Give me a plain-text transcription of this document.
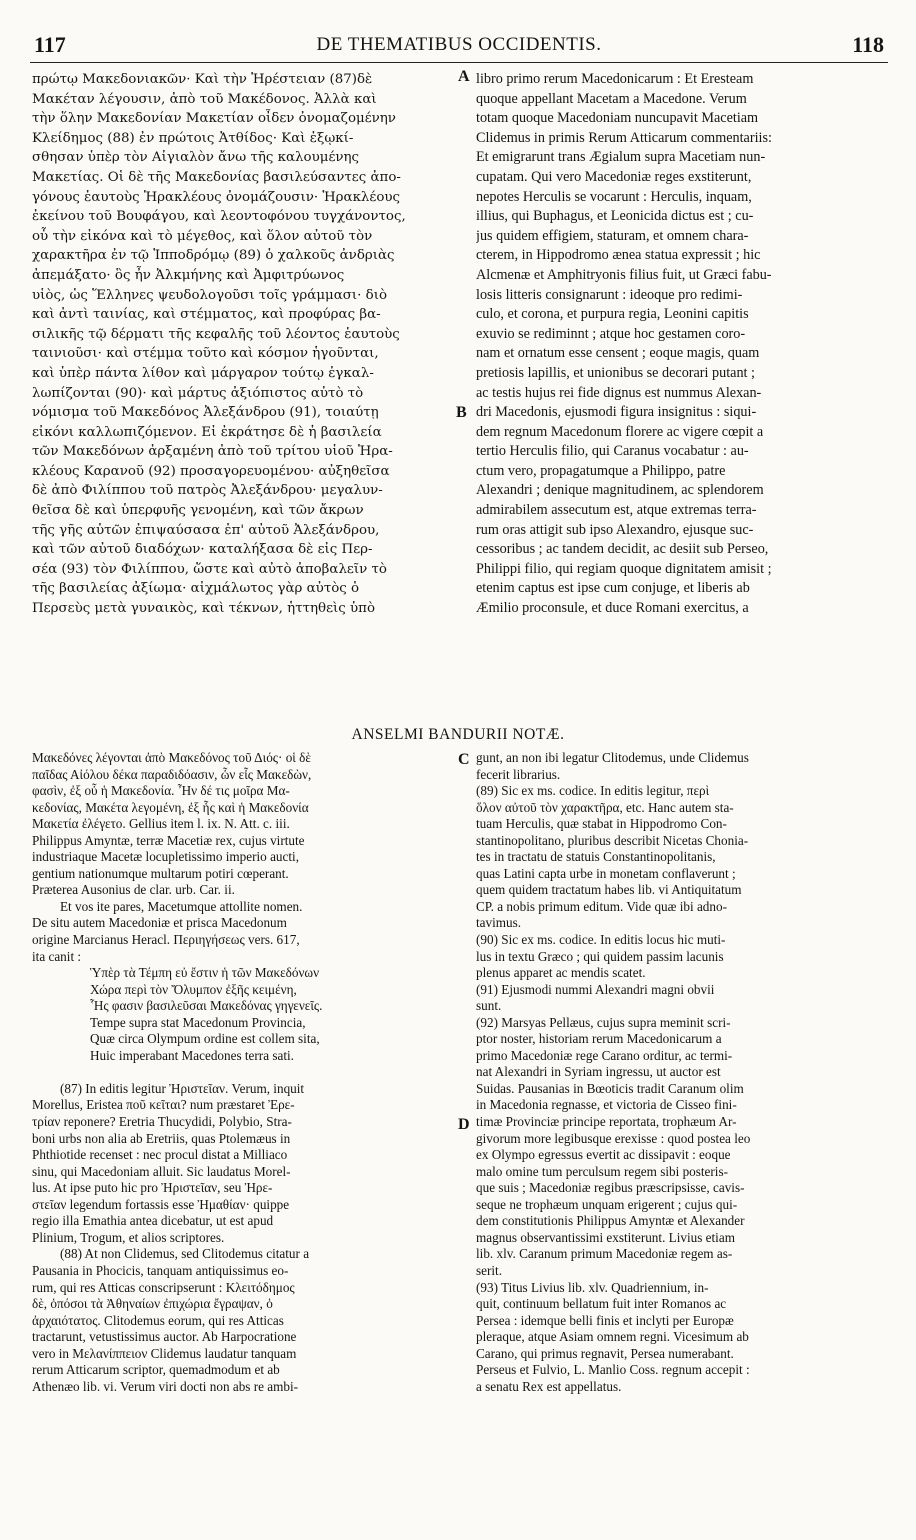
117	DE THEMATIBUS OCCIDENTIS.	118
A
B
C
D
πρώτῳ Μακεδονιακῶν· Καὶ τὴν Ἠρέστειαν (87)δὲ
Μακέταν λέγουσιν, ἀπὸ τοῦ Μακέδονος. Ἀλλὰ καὶ
τὴν ὅλην Μακεδονίαν Μακετίαν οἶδεν ὀνομαζομένην
Κλείδημος (88) ἐν πρώτοις Ἀτθίδος· Καὶ ἐξῳκί-
σθησαν ὑπὲρ τὸν Αἰγιαλὸν ἄνω τῆς καλουμένης
Μακετίας. Οἱ δὲ τῆς Μακεδονίας βασιλεύσαντες ἀπο-
γόνους ἑαυτοὺς Ἡρακλέους ὀνομάζουσιν· Ἡρακλέους
ἐκείνου τοῦ Βουφάγου, καὶ λεοντοφόνου τυγχάνοντος,
οὗ τὴν εἰκόνα καὶ τὸ μέγεθος, καὶ ὅλον αὐτοῦ τὸν
χαρακτῆρα ἐν τῷ Ἱπποδρόμῳ (89) ὁ χαλκοῦς ἀνδριὰς
ἀπεμάξατο· ὃς ἦν Ἀλκμήνης καὶ Ἀμφιτρύωνος
υἱὸς, ὡς Ἕλληνες ψευδολογοῦσι τοῖς γράμμασι· διὸ
καὶ ἀντὶ ταινίας, καὶ στέμματος, καὶ προφύρας βα-
σιλικῆς τῷ δέρματι τῆς κεφαλῆς τοῦ λέοντος ἑαυτοὺς
ταινιοῦσι· καὶ στέμμα τοῦτο καὶ κόσμον ἡγοῦνται,
καὶ ὑπὲρ πάντα λίθον καὶ μάργαρον τούτῳ ἐγκαλ-
λωπίζονται (90)· καὶ μάρτυς ἀξιόπιστος αὐτὸ τὸ
νόμισμα τοῦ Μακεδόνος Ἀλεξάνδρου (91), τοιαύτῃ
εἰκόνι καλλωπιζόμενον. Εἰ ἐκράτησε δὲ ἡ βασιλεία
τῶν Μακεδόνων ἀρξαμένη ἀπὸ τοῦ τρίτου υἱοῦ Ἡρα-
κλέους Καρανοῦ (92) προσαγορευομένου· αὐξηθεῖσα
δὲ ἀπὸ Φιλίππου τοῦ πατρὸς Ἀλεξάνδρου· μεγαλυν-
θεῖσα δὲ καὶ ὑπερφυῆς γενομένη, καὶ τῶν ἄκρων
τῆς γῆς αὐτῶν ἐπιψαύσασα ἐπ' αὐτοῦ Ἀλεξάνδρου,
καὶ τῶν αὐτοῦ διαδόχων· καταλήξασα δὲ εἰς Περ-
σέα (93) τὸν Φιλίππου, ὥστε καὶ αὐτὸ ἀποβαλεῖν τὸ
τῆς βασιλείας ἀξίωμα· αἰχμάλωτος γὰρ αὐτὸς ὁ
Περσεὺς μετὰ γυναικὸς, καὶ τέκνων, ἡττηθεὶς ὑπὸ
libro primo rerum Macedonicarum : Et Eresteam
quoque appellant Macetam a Macedone. Verum
totam quoque Macedoniam nuncupavit Macetiam
Clidemus in primis Rerum Atticarum commentariis:
Et emigrarunt trans Ægialum supra Macetiam nun-
cupatam. Qui vero Macedoniæ reges exstiterunt,
nepotes Herculis se vocarunt : Herculis, inquam,
illius, qui Buphagus, et Leonicida dictus est ; cu-
jus quidem effigiem, staturam, et omnem chara-
cterem, in Hippodromo ænea statua expressit ; hic
Alcmenæ et Amphitryonis filius fuit, ut Græci fabu-
losis litteris consignarunt : ideoque pro redimi-
culo, et corona, et purpura regia, Leonini capitis
exuvio se rediminnt ; atque hoc gestamen coro-
nam et ornatum esse censent ; eoque magis, quam
pretiosis lapillis, et unionibus se decorari putant ;
ac testis hujus rei fide dignus est nummus Alexan-
dri Macedonis, ejusmodi figura insignitus : siqui-
dem regnum Macedonum florere ac vigere cœpit a
tertio Herculis filio, qui Caranus vocabatur : au-
ctum vero, propagatumque a Philippo, patre
Alexandri ; denique magnitudinem, ac splendorem
admirabilem assecutum est, atque extremas terra-
rum oras attigit sub ipso Alexandro, ejusque suc-
cessoribus ; ac tandem decidit, ac desiit sub Perseo,
Philippi filio, qui regiam quoque dignitatem amisit ;
etenim captus est ipse cum conjuge, et liberis ab
Æmilio proconsule, et duce Romani exercitus, a
ANSELMI BANDURII NOTÆ.
Μακεδόνες λέγονται ἀπὸ Μακεδόνος τοῦ Διός· οἱ δὲ
παῖδας Αἰόλου δέκα παραδιδόασιν, ὧν εἷς Μακεδὼν,
φασὶν, ἐξ οὗ ἡ Μακεδονία. Ἦν δέ τις μοῖρα Μα-
κεδονίας, Μακέτα λεγομένη, ἐξ ἧς καὶ ἡ Μακεδονία
Μακετία ἐλέγετο. Gellius item l. ix. N. Att. c. iii.
Philippus Amyntæ, terræ Macetiæ rex, cujus virtute
industriaque Macetæ locupletissimo imperio aucti,
gentium nationumque multarum potiri cœperant.
Præterea Ausonius de clar. urb. Car. ii.
Et vos ite pares, Macetumque attollite nomen.
De situ autem Macedoniæ et prisca Macedonum
origine Marcianus Heracl. Περιηγήσεως vers. 617,
ita canit :
Ὑπὲρ τὰ Τέμπη εὐ ἔστιν ἡ τῶν Μακεδόνων
Χώρα περὶ τὸν Ὄλυμπον ἐξῆς κειμένη,
Ἧς φασιν βασιλεῦσαι Μακεδόνας γηγενεῖς.
Tempe supra stat Macedonum Provincia,
Quæ circa Olympum ordine est collem sita,
Huic imperabant Macedones terra sati.
(87) In editis legitur Ἠριστεῖαν. Verum, inquit
Morellus, Eristea ποῦ κεῖται? num præstaret Ἐρε-
τρίαν reponere? Eretria Thucydidi, Polybio, Stra-
boni urbs non alia ab Eretriis, quas Ptolemæus in
Phthiotide recenset : nec procul distat a Milliaco
sinu, qui Macedoniam alluit. Sic laudatus Morel-
lus. At ipse puto hic pro Ἠριστεῖαν, seu Ἠρε-
στεῖαν legendum fortassis esse Ἠμαθίαν· quippe
regio illa Emathia antea dicebatur, ut est apud
Plinium, Trogum, et alios scriptores.
(88) At non Clidemus, sed Clitodemus citatur a
Pausania in Phocicis, tanquam antiquissimus eo-
rum, qui res Atticas conscripserunt : Κλειτόδημος
δὲ, ὁπόσοι τὰ Ἀθηναίων ἐπιχώρια ἔγραψαν, ὁ
ἀρχαιότατος. Clitodemus eorum, qui res Atticas
tractarunt, vetustissimus auctor. Ab Harpocratione
vero in Μελανίππειον Clidemus laudatur tanquam
rerum Atticarum scriptor, quemadmodum et ab
Athenæo lib. vi. Verum viri docti non abs re ambi-
gunt, an non ibi legatur Clitodemus, unde Clidemus
fecerit librarius.
(89) Sic ex ms. codice. In editis legitur, περὶ
ὅλον αὐτοῦ τὸν χαρακτῆρα, etc. Hanc autem sta-
tuam Herculis, quæ stabat in Hippodromo Con-
stantinopolitano, pluribus describit Nicetas Choniа-
tes in tractatu de statuis Constantinopolitanis,
quas Latini capta urbe in monetam conflaverunt ;
quem quidem tractatum habes lib. vi Antiquitatum
CP. a nobis primum editum. Vide quæ ibi adno-
tavimus.
(90) Sic ex ms. codice. In editis locus hic muti-
lus in textu Græco ; qui quidem passim lacunis
plenus apparet ac mendis scatet.
(91) Ejusmodi nummi Alexandri magni obvii
sunt.
(92) Marsyas Pellæus, cujus supra meminit scri-
ptor noster, historiam rerum Macedonicarum a
primo Macedoniæ rege Carano orditur, ac termi-
nat Alexandri in Syriam ingressu, ut auctor est
Suidas. Pausanias in Bœoticis tradit Caranum olim
in Macedonia regnasse, et victoria de Cisseo fini-
timæ Provinciæ principe reportata, trophæum Ar-
givorum more legibusque erexisse : quod postea leo
ex Olympo egressus evertit ac dissipavit : eoque
malo omine tum perculsum regem sibi posteris-
que suis ; Macedoniæ regibus præscripsisse, cavis-
seque ne trophæum unquam erigerent ; cujus qui-
dem constitutionis Philippus Amyntæ et Alexander
magnus observantissimi exstiterunt. Livius etiam
lib. xlv. Caranum primum Macedoniæ regem as-
serit.
(93) Titus Livius lib. xlv. Quadriennium, in-
quit, continuum bellatum fuit inter Romanos ac
Persea : idemque belli finis et inclyti per Europæ
pleraque, atque Asiam omnem regni. Vicesimum ab
Carano, qui primus regnavit, Persea numerabant.
Perseus et Fulvio, L. Manlio Coss. regnum accepit :
a senatu Rex est appellatus.
